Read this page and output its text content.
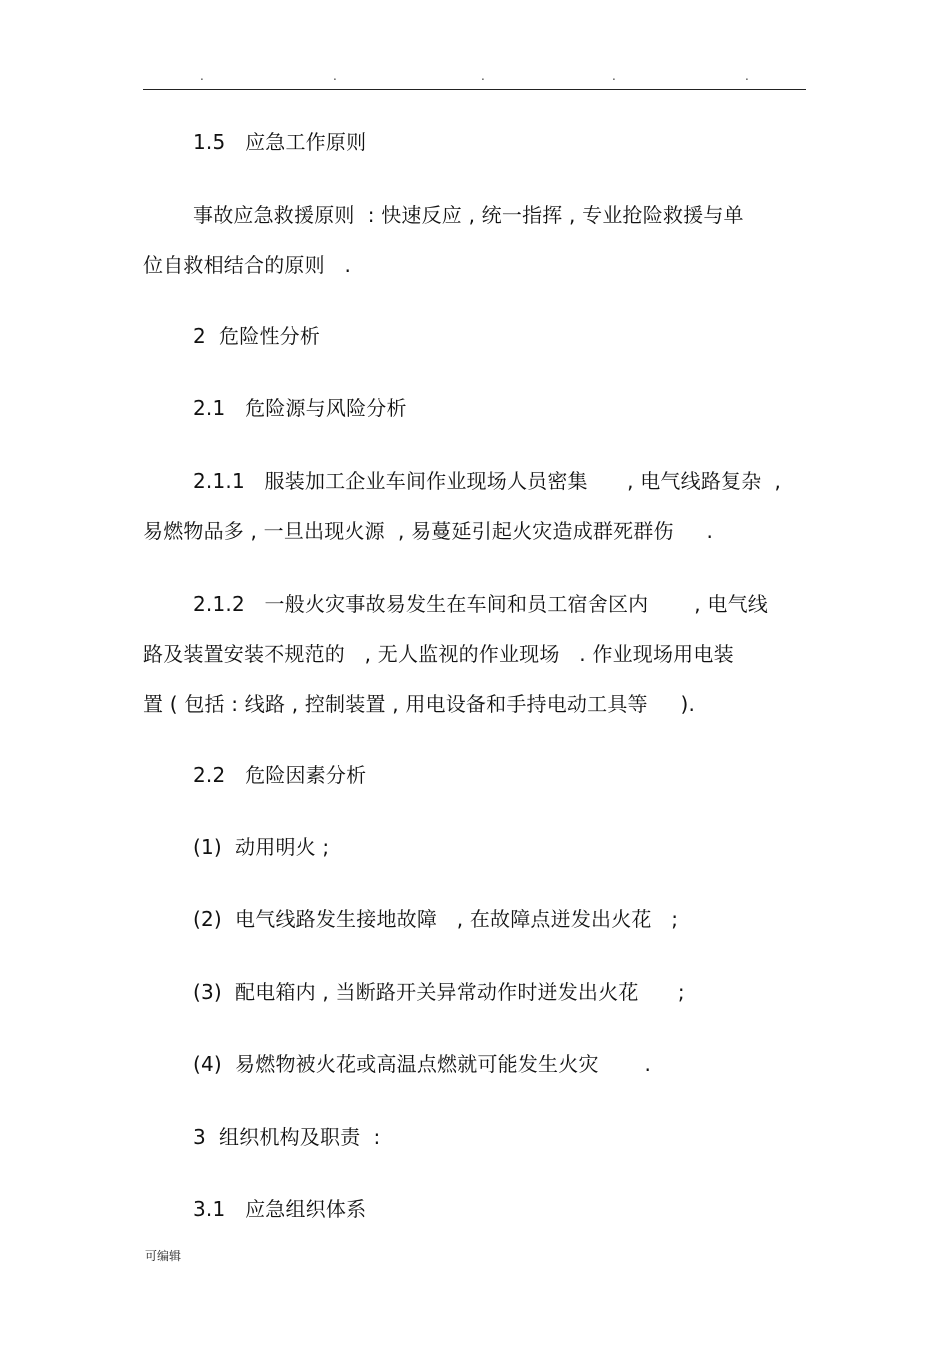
.	.	.	.	.
1.5   应急工作原则
事故应急救援原则  : 快速反应 , 统一指挥 , 专业抢险救援与单
位自救相结合的原则   .
2  危险性分析
2.1   危险源与风险分析
2.1.1   服装加工企业车间作业现场人员密集      , 电气线路复杂  ,
易燃物品多 , 一旦出现火源  , 易蔓延引起火灾造成群死群伤     .
2.1.2   一般火灾事故易发生在车间和员工宿舍区内       , 电气线
路及装置安装不规范的   , 无人监视的作业现场   . 作业现场用电装
置 ( 包括 : 线路 , 控制装置 , 用电设备和手持电动工具等     ).
2.2   危险因素分析
(1)  动用明火 ;
(2)  电气线路发生接地故障   , 在故障点迸发出火花   ;
(3)  配电箱内 , 当断路开关异常动作时迸发出火花      ;
(4)  易燃物被火花或高温点燃就可能发生火灾       .
3  组织机构及职责  :
3.1   应急组织体系
可编辑
